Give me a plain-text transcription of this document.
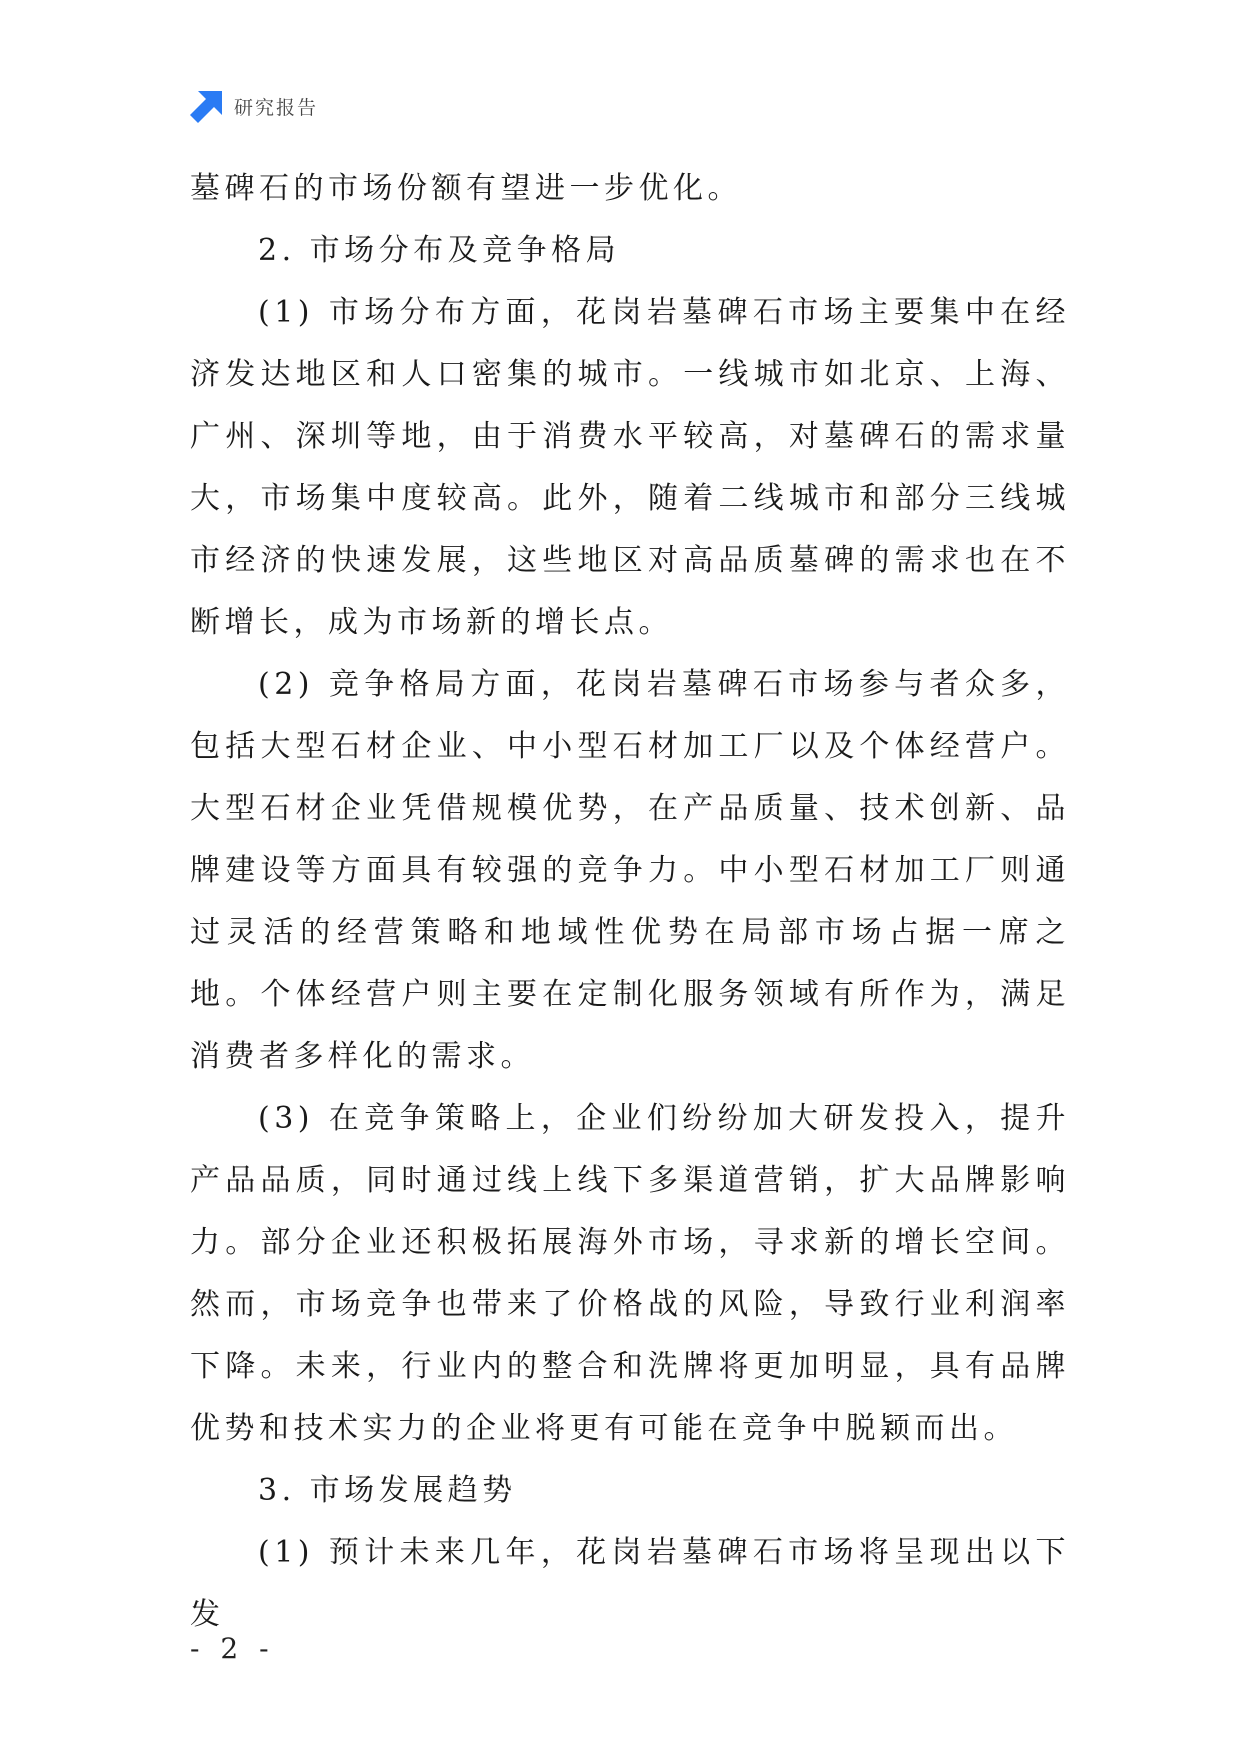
研究报告

墓碑石的市场份额有望进一步优化。

2. 市场分布及竞争格局

(1) 市场分布方面，花岗岩墓碑石市场主要集中在经济发达地区和人口密集的城市。一线城市如北京、上海、广州、深圳等地，由于消费水平较高，对墓碑石的需求量大，市场集中度较高。此外，随着二线城市和部分三线城市经济的快速发展，这些地区对高品质墓碑的需求也在不断增长，成为市场新的增长点。

(2) 竞争格局方面，花岗岩墓碑石市场参与者众多，包括大型石材企业、中小型石材加工厂以及个体经营户。大型石材企业凭借规模优势，在产品质量、技术创新、品牌建设等方面具有较强的竞争力。中小型石材加工厂则通过灵活的经营策略和地域性优势在局部市场占据一席之地。个体经营户则主要在定制化服务领域有所作为，满足消费者多样化的需求。

(3) 在竞争策略上，企业们纷纷加大研发投入，提升产品品质，同时通过线上线下多渠道营销，扩大品牌影响力。部分企业还积极拓展海外市场，寻求新的增长空间。然而，市场竞争也带来了价格战的风险，导致行业利润率下降。未来，行业内的整合和洗牌将更加明显，具有品牌优势和技术实力的企业将更有可能在竞争中脱颖而出。

3. 市场发展趋势

(1) 预计未来几年，花岗岩墓碑石市场将呈现出以下发

- 2 -
